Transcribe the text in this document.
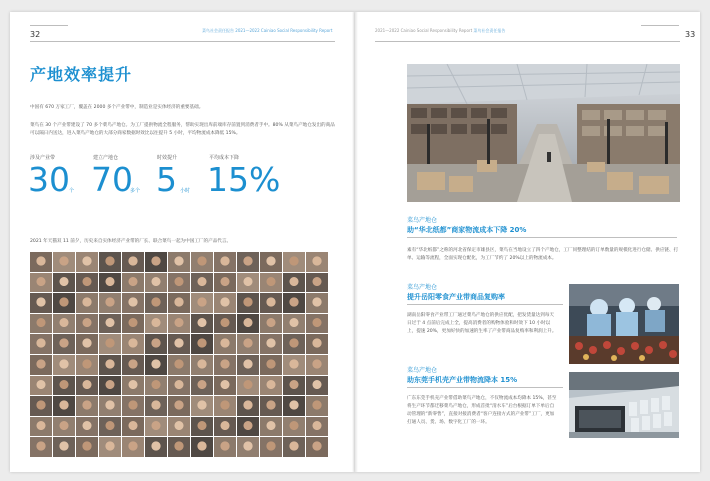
菜鸟社会责任报告 2021—2022 Cainiao Social Responsibility Report
32
产地效率提升
中国有 670 万家工厂，覆盖在 2000 多个产业带中，制造业是实体经济的重要基础。
菜鸟在 30 个产业带建设了 70 多个菜鸟产地仓。为工厂提供物流全程服务，帮助实现出库前端库存前置到消费者手中。80% 从菜鸟产地仓发出的商品可以隔日内送达，进入菜鸟产地仓的大部分商家数据时效比以往提升 5 小时，平均物流成本降低 15%。
涉及产业带
30 个
建立产地仓
70
多个
时效提升
5 小时
平均成本下降
15%
2021 年天猫双 11 前夕，历史来自实体经济产业带的厂长、联合菜鸟一起为中国工厂的产品代言。
2021—2022 Cainiao Social Responsibility Report 菜鸟社会责任报告	33
菜鸟产地仓
助“华北纸都”商家物流成本下降 20%
素有“华北纸都”之称的河北省保定市雄县区，菜鸟在当地设立了四个产地仓，工厂同整理结的订单数量的规模化进行仓储、供应链、打单、运输等流程，全面实现仓配化，为工厂节约了 20%以上的物流成本。
菜鸟产地仓
提升岳阳零食产业带商品复购率
湖南岳阳零食产业带工厂通过菜鸟产地仓的供应优配，把发货量达到每天日过于 4 点前后完成上全，提高消费者的购物体验和时效下 10 小时以上，提速 20%，更加好快的加速的生率了产业带商品复购率和利润上升。
菜鸟产地仓
助东莞手机壳产业带物流降本 15%
广东东莞手机壳产业带借助菜鸟产地仓，不仅物流成本均降本 15%，甚至将生产环节都迁移菜鸟产地仓，形成首批“清水车”后台根据订单下单后自动管理的“新零售”，直接对接消费者“客户连接方式的产业带”工厂，更加打通人员、货、场、数字化工厂的一环。
